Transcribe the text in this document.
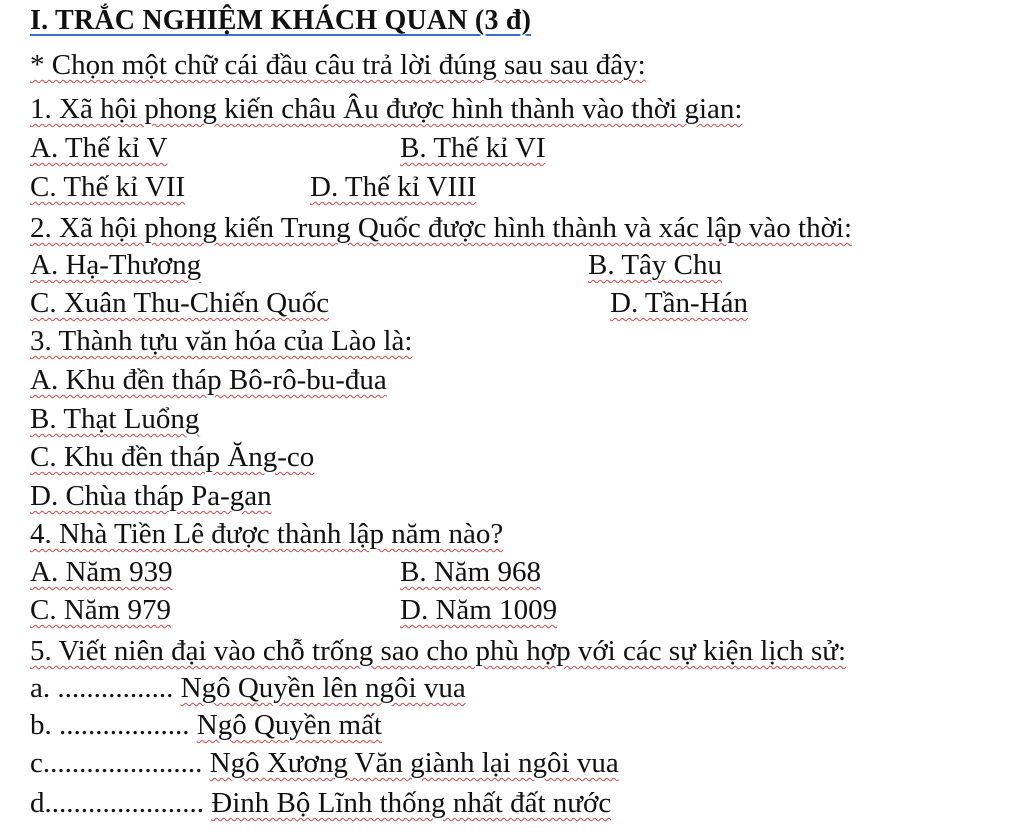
I. TRẮC NGHIỆM KHÁCH QUAN (3 đ)
* Chọn một chữ cái đầu câu trả lời đúng sau sau đây:
1. Xã hội phong kiến châu Âu được hình thành vào thời gian:
A. Thế kỉ V	B. Thế kỉ VI
C. Thế kỉ VII	D. Thế kỉ VIII
2. Xã hội phong kiến Trung Quốc được hình thành và xác lập vào thời:
A. Hạ-Thương	B. Tây Chu
C. Xuân Thu-Chiến Quốc	D. Tần-Hán
3. Thành tựu văn hóa của Lào là:
A. Khu đền tháp Bô-rô-bu-đua
B. Thạt Luổng
C. Khu đền tháp Ăng-co
D. Chùa tháp Pa-gan
4. Nhà Tiền Lê được thành lập năm nào?
A. Năm 939	B. Năm 968
C. Năm 979	D. Năm 1009
5. Viết niên đại vào chỗ trống sao cho phù hợp với các sự kiện lịch sử:
a. ................ Ngô Quyền lên ngôi vua
b. .................. Ngô Quyền mất
c...................... Ngô Xương Văn giành lại ngôi vua
d...................... Đinh Bộ Lĩnh thống nhất đất nước
